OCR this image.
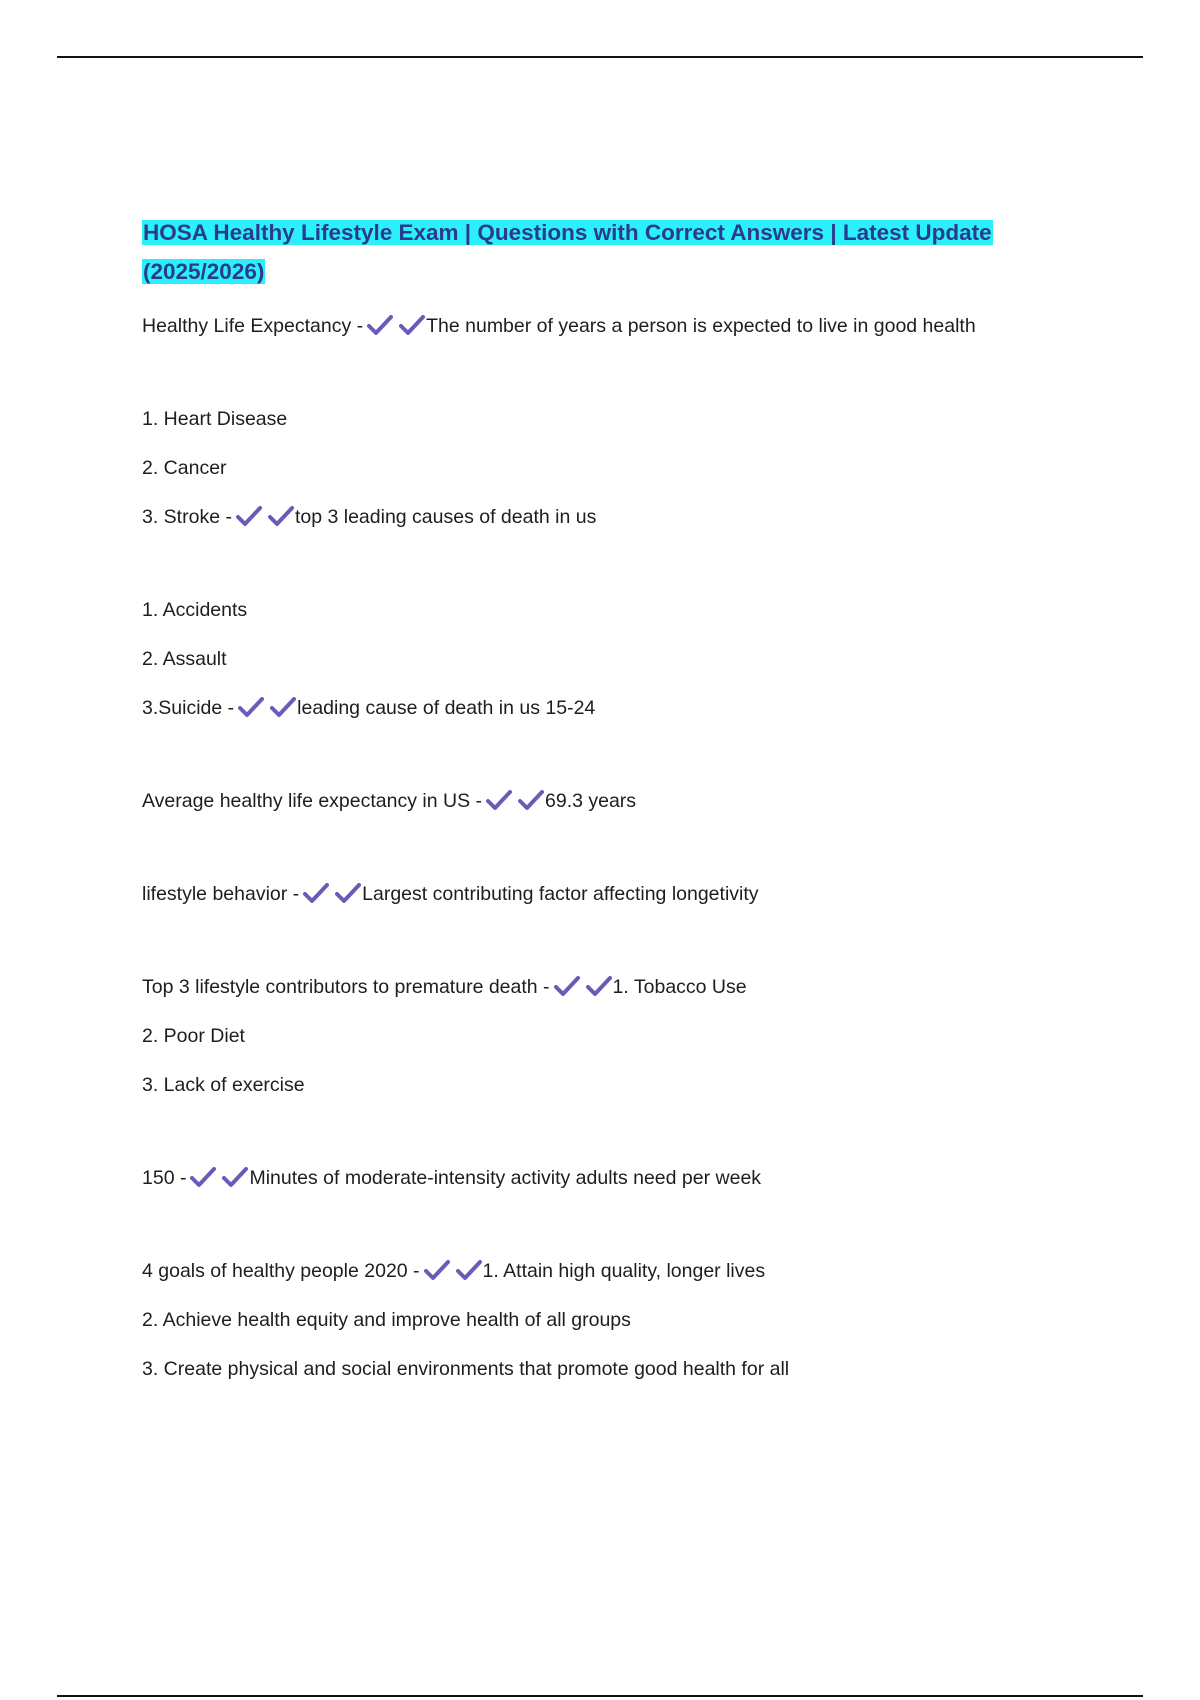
HOSA Healthy Lifestyle Exam | Questions with Correct Answers | Latest Update (2025/2026)

Healthy Life Expectancy -	The number of years a person is expected to live in good health

1. Heart Disease

2. Cancer

3. Stroke -	top 3 leading causes of death in us

1. Accidents

2. Assault

3.Suicide -	leading cause of death in us 15-24

Average healthy life expectancy in US -	69.3 years

lifestyle behavior -	Largest contributing factor affecting longetivity

Top 3 lifestyle contributors to premature death -	1. Tobacco Use

2. Poor Diet

3. Lack of exercise

150 -	Minutes of moderate-intensity activity adults need per week

4 goals of healthy people 2020 -	1. Attain high quality, longer lives

2. Achieve health equity and improve health of all groups

3. Create physical and social environments that promote good health for all
